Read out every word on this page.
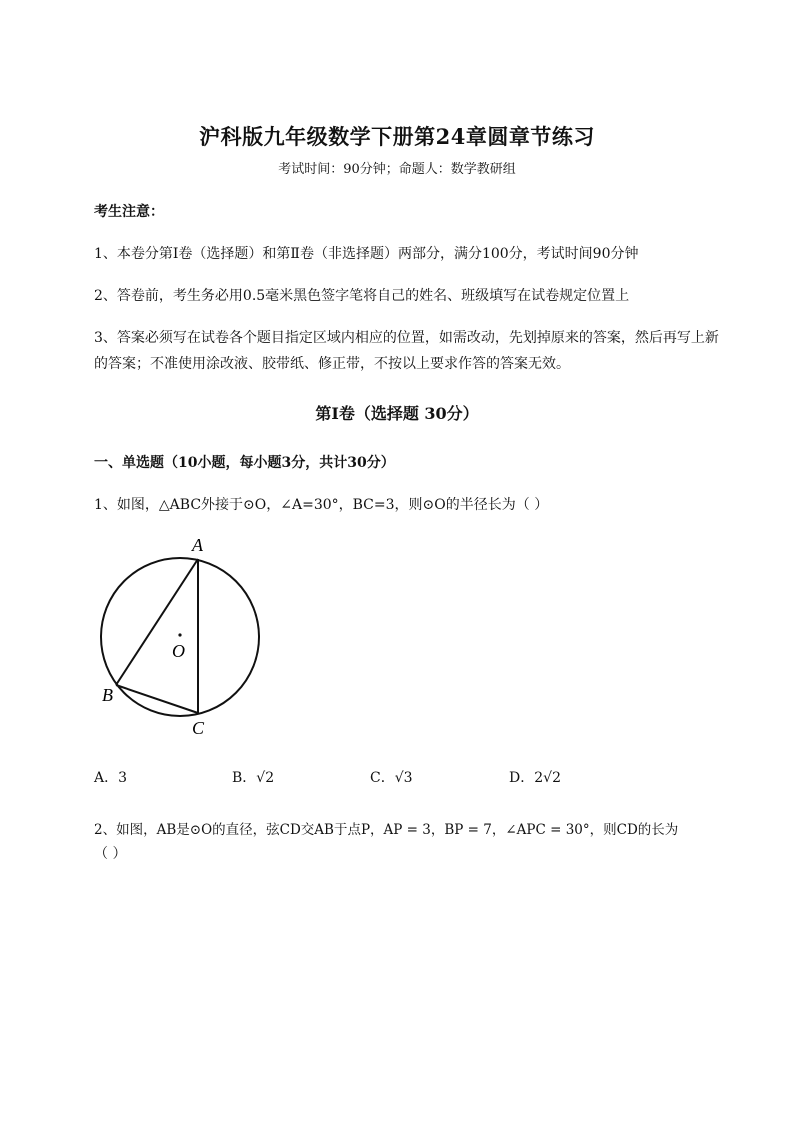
沪科版九年级数学下册第24章圆章节练习
考试时间：90分钟；命题人：数学教研组
考生注意：
1、本卷分第I卷（选择题）和第Ⅱ卷（非选择题）两部分，满分100分，考试时间90分钟
2、答卷前，考生务必用0.5毫米黑色签字笔将自己的姓名、班级填写在试卷规定位置上
3、答案必须写在试卷各个题目指定区域内相应的位置，如需改动，先划掉原来的答案，然后再写上新
的答案；不准使用涂改液、胶带纸、修正带，不按以上要求作答的答案无效。
第I卷（选择题 30分）
一、单选题（10小题，每小题3分，共计30分）
1、如图，△ABC外接于⊙O，∠A=30°，BC=3，则⊙O的半径长为（ ）
A
O
B
C
A．3	B．√2	C．√3	D．2√2
2、如图，AB是⊙O的直径，弦CD交AB于点P，AP = 3，BP = 7，∠APC = 30°，则CD的长为
（ ）
